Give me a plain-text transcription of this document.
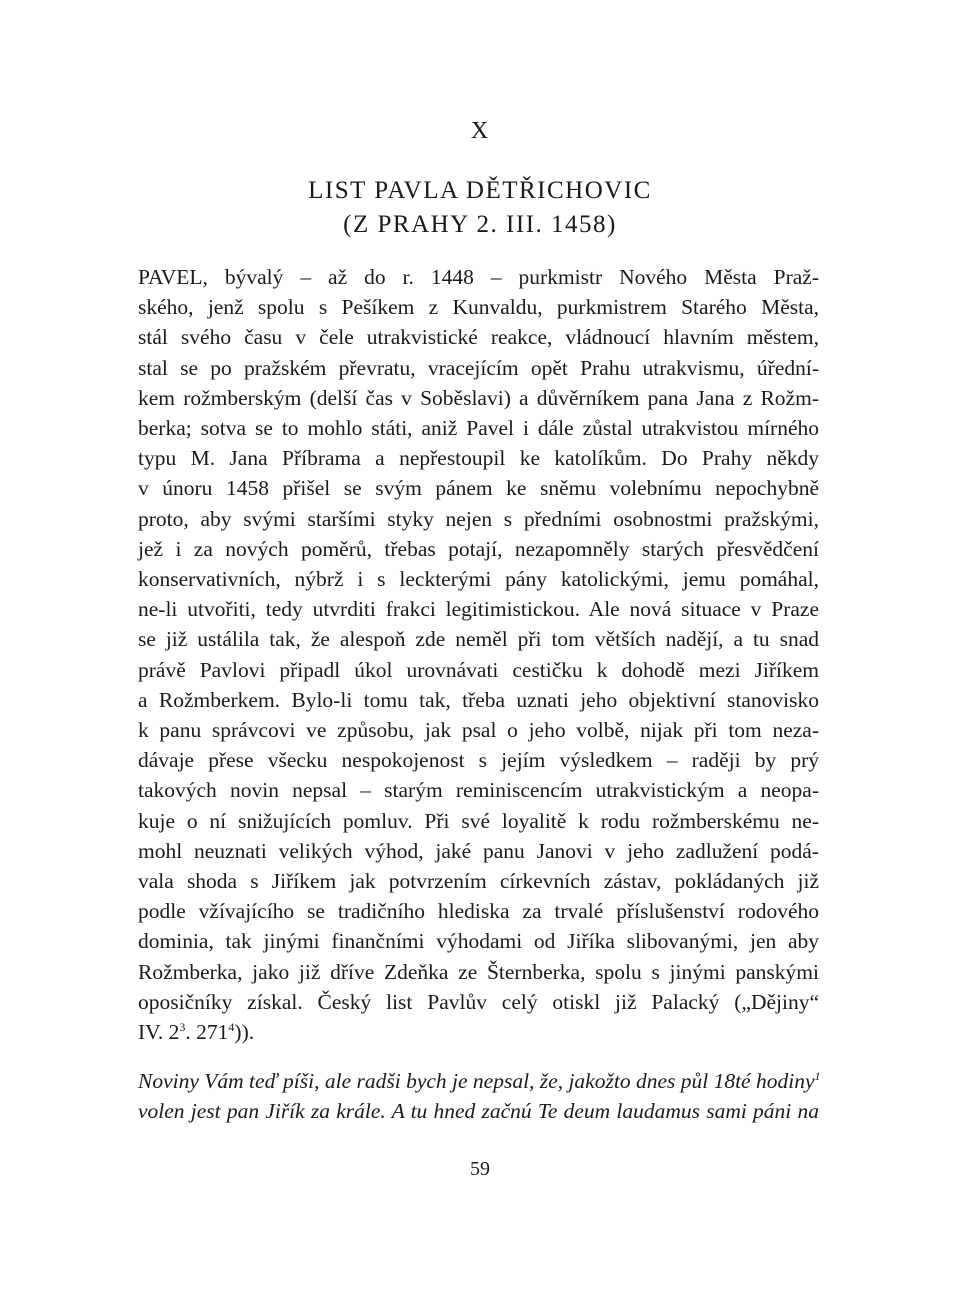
X
LIST PAVLA DĚTŘICHOVIC
(Z PRAHY 2. III. 1458)
PAVEL, bývalý – až do r. 1448 – purkmistr Nového Města Praž-
ského, jenž spolu s Pešíkem z Kunvaldu, purkmistrem Starého Města,
stál svého času v čele utrakvistické reakce, vládnoucí hlavním městem,
stal se po pražském převratu, vracejícím opět Prahu utrakvismu, úřední-
kem rožmberským (delší čas v Soběslavi) a důvěrníkem pana Jana z Rožm-
berka; sotva se to mohlo státi, aniž Pavel i dále zůstal utrakvistou mírného
typu M. Jana Příbrama a nepřestoupil ke katolíkům. Do Prahy někdy
v únoru 1458 přišel se svým pánem ke sněmu volebnímu nepochybně
proto, aby svými staršími styky nejen s předními osobnostmi pražskými,
jež i za nových poměrů, třebas potají, nezapomněly starých přesvědčení
konservativních, nýbrž i s leckterými pány katolickými, jemu pomáhal,
ne-li utvořiti, tedy utvrditi frakci legitimistickou. Ale nová situace v Praze
se již ustálila tak, že alespoň zde neměl při tom větších nadějí, a tu snad
právě Pavlovi připadl úkol urovnávati cestičku k dohodě mezi Jiříkem
a Rožmberkem. Bylo-li tomu tak, třeba uznati jeho objektivní stanovisko
k panu správcovi ve způsobu, jak psal o jeho volbě, nijak při tom neza-
dávaje přese všecku nespokojenost s jejím výsledkem – raději by prý
takových novin nepsal – starým reminiscencím utrakvistickým a neopa-
kuje o ní snižujících pomluv. Při své loyalitě k rodu rožmberskému ne-
mohl neuznati velikých výhod, jaké panu Janovi v jeho zadlužení podá-
vala shoda s Jiříkem jak potvrzením církevních zástav, pokládaných již
podle vžívajícího se tradičního hlediska za trvalé příslušenství rodového
dominia, tak jinými finančními výhodami od Jiříka slibovanými, jen aby
Rožmberka, jako již dříve Zdeňka ze Šternberka, spolu s jinými panskými
oposičníky získal. Český list Pavlův celý otiskl již Palacký („Dějiny“
IV. $2^3$. $271^4$)).
Noviny Vám teď píši, ale radši bych je nepsal, že, jakožto dnes půl 18té hodiny$^1$
volen jest pan Jiřík za krále. A tu hned začnú Te deum laudamus sami páni na
59
